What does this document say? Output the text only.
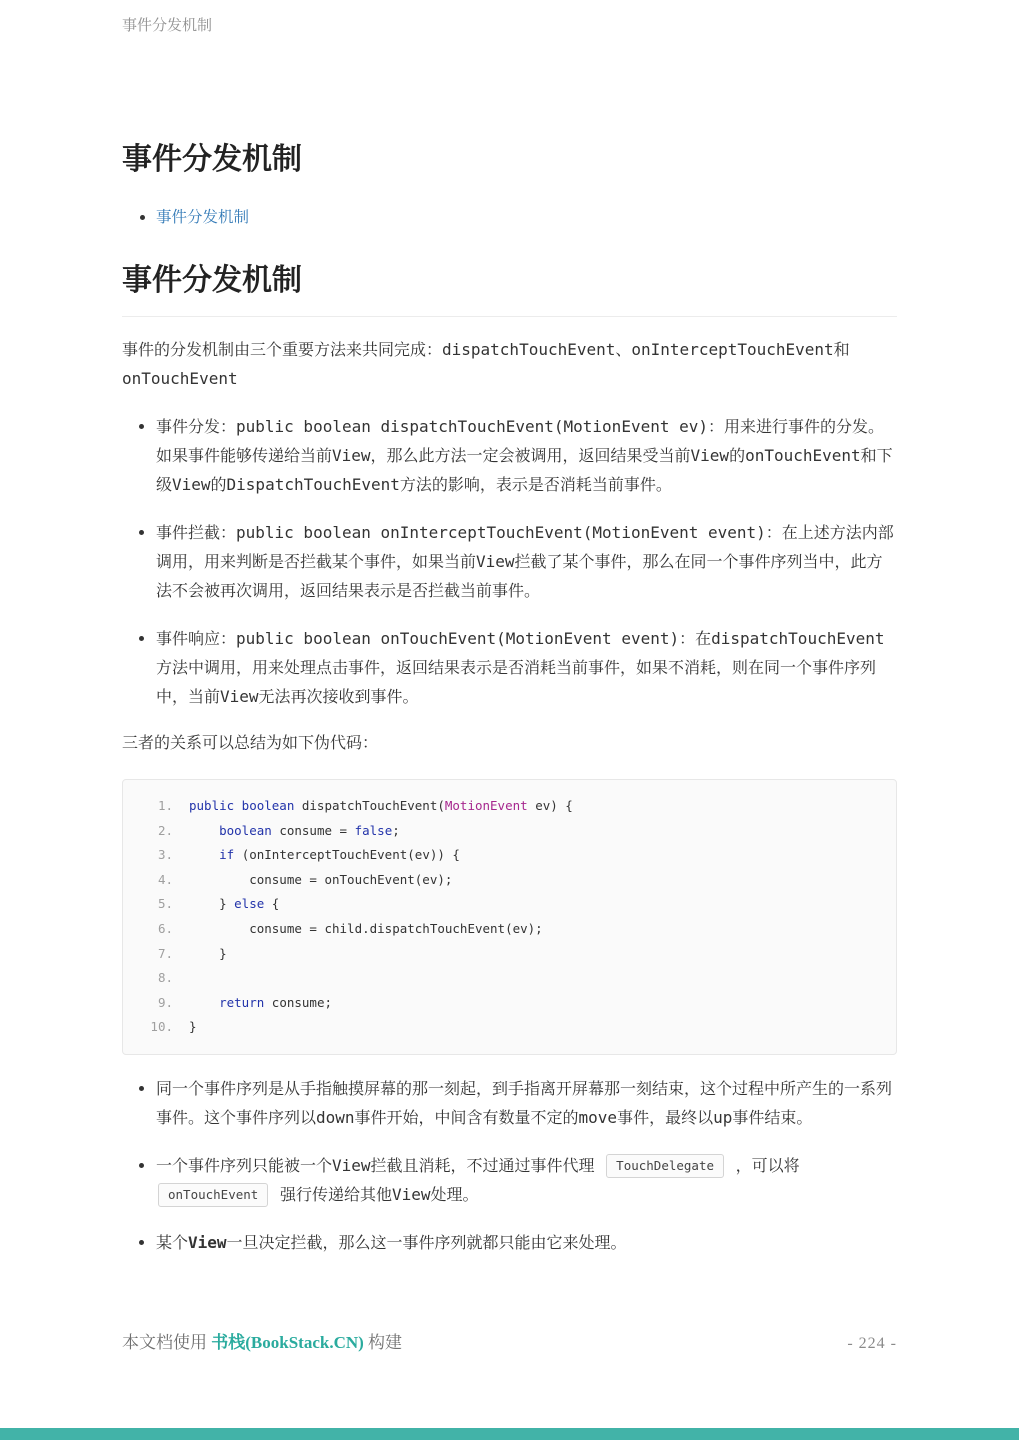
事件分发机制
事件分发机制
• 事件分发机制
事件分发机制

事件的分发机制由三个重要方法来共同完成：dispatchTouchEvent、onInterceptTouchEvent和onTouchEvent

• 事件分发：public boolean dispatchTouchEvent(MotionEvent ev)：用来进行事件的分发。如果事件能够传递给当前View，那么此方法一定会被调用，返回结果受当前View的onTouchEvent和下级View的DispatchTouchEvent方法的影响，表示是否消耗当前事件。
• 事件拦截：public boolean onInterceptTouchEvent(MotionEvent event)：在上述方法内部调用，用来判断是否拦截某个事件，如果当前View拦截了某个事件，那么在同一个事件序列当中，此方法不会被再次调用，返回结果表示是否拦截当前事件。
• 事件响应：public boolean onTouchEvent(MotionEvent event)：在dispatchTouchEvent方法中调用，用来处理点击事件，返回结果表示是否消耗当前事件，如果不消耗，则在同一个事件序列中，当前View无法再次接收到事件。

三者的关系可以总结为如下伪代码：

1. public boolean dispatchTouchEvent(MotionEvent ev) {
2.	boolean consume = false;
3.	if (onInterceptTouchEvent(ev)) {
4. consume = onTouchEvent(ev);
5. } else {
6. consume = child.dispatchTouchEvent(ev);
7. }
8.
9.	return consume;
10. }
• 同一个事件序列是从手指触摸屏幕的那一刻起，到手指离开屏幕那一刻结束，这个过程中所产生的一系列事件。这个事件序列以down事件开始，中间含有数量不定的move事件，最终以up事件结束。
• 一个事件序列只能被一个View拦截且消耗，不过通过事件代理 TouchDelegate ，可以将 onTouchEvent 强行传递给其他View处理。
• 某个View一旦决定拦截，那么这一事件序列就都只能由它来处理。
本文档使用 书栈(BookStack.CN) 构建	- 224 -
